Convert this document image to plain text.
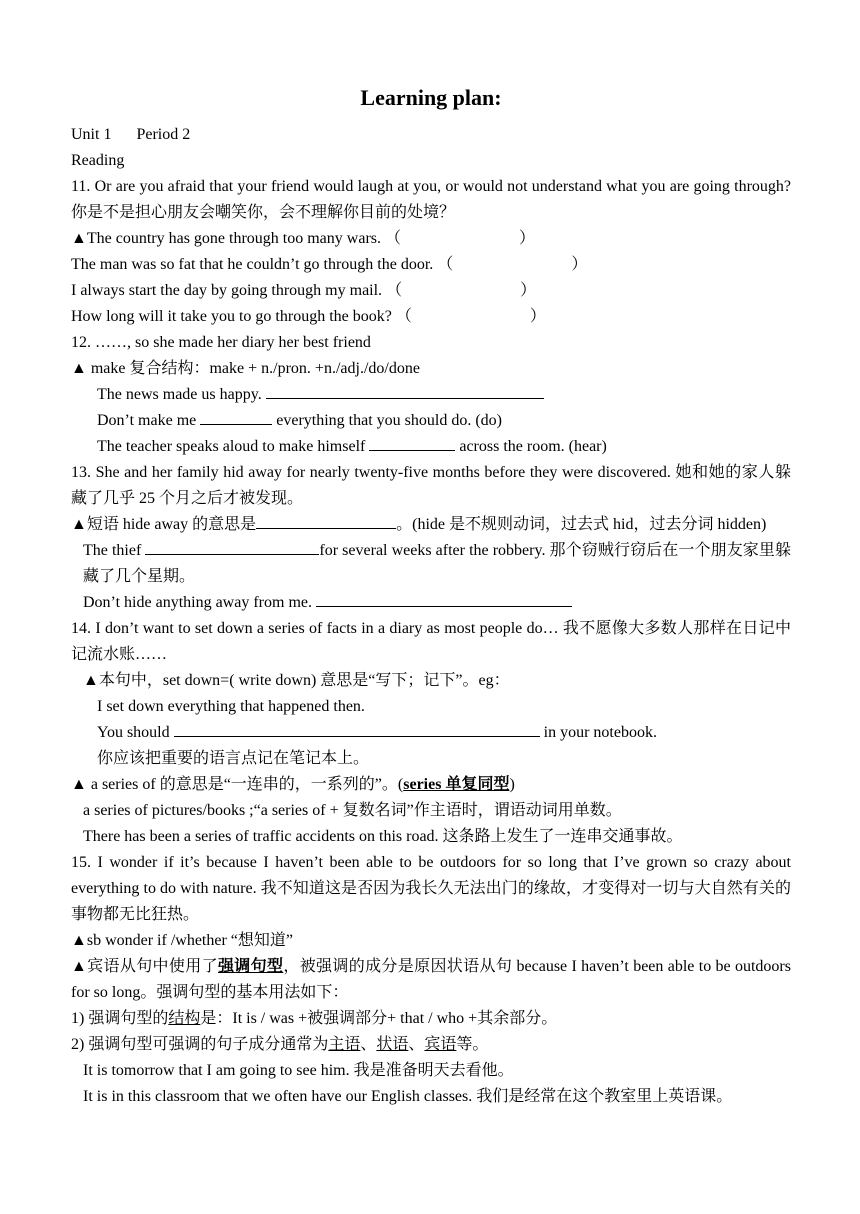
Learning plan:
Unit 1 Period 2
Reading
11. Or are you afraid that your friend would laugh at you, or would not understand what you are going through? 你是不是担心朋友会嘲笑你，会不理解你目前的处境？
▲The country has gone through too many wars. （	）
The man was so fat that he couldn’t go through the door. （	）
I always start the day by going through my mail. （	）
How long will it take you to go through the book? （	）
12. ……, so she made her diary her best friend
▲ make 复合结构：make + n./pron. +n./adj./do/done
The news made us happy.
Don’t make me	everything that you should do. (do)
The teacher speaks aloud to make himself	across the room. (hear)
13. She and her family hid away for nearly twenty-five months before they were discovered. 她和她的家人躲藏了几乎 25 个月之后才被发现。
▲短语 hide away 的意思是	。(hide 是不规则动词，过去式 hid，过去分词 hidden)
The thief	for several weeks after the robbery. 那个窃贼行窃后在一个朋友家里躲藏了几个星期。
Don’t hide anything away from me.
14. I don’t want to set down a series of facts in a diary as most people do… 我不愿像大多数人那样在日记中记流水账……
▲本句中，set down=( write down) 意思是“写下；记下”。eg：
I set down everything that happened then.
You should	in your notebook.
你应该把重要的语言点记在笔记本上。
▲ a series of 的意思是“一连串的，一系列的”。(series 单复同型)
a series of pictures/books ;“a series of + 复数名词”作主语时，谓语动词用单数。
There has been a series of traffic accidents on this road. 这条路上发生了一连串交通事故。
15. I wonder if it’s because I haven’t been able to be outdoors for so long that I’ve grown so crazy about everything to do with nature. 我不知道这是否因为我长久无法出门的缘故，才变得对一切与大自然有关的事物都无比狂热。
▲sb wonder if /whether “想知道”
▲宾语从句中使用了强调句型，被强调的成分是原因状语从句 because I haven’t been able to be outdoors for so long。强调句型的基本用法如下：
1) 强调句型的结构是：It is / was +被强调部分+ that / who +其余部分。
2) 强调句型可强调的句子成分通常为主语、状语、宾语等。
It is tomorrow that I am going to see him. 我是准备明天去看他。
It is in this classroom that we often have our English classes. 我们是经常在这个教室里上英语课。
